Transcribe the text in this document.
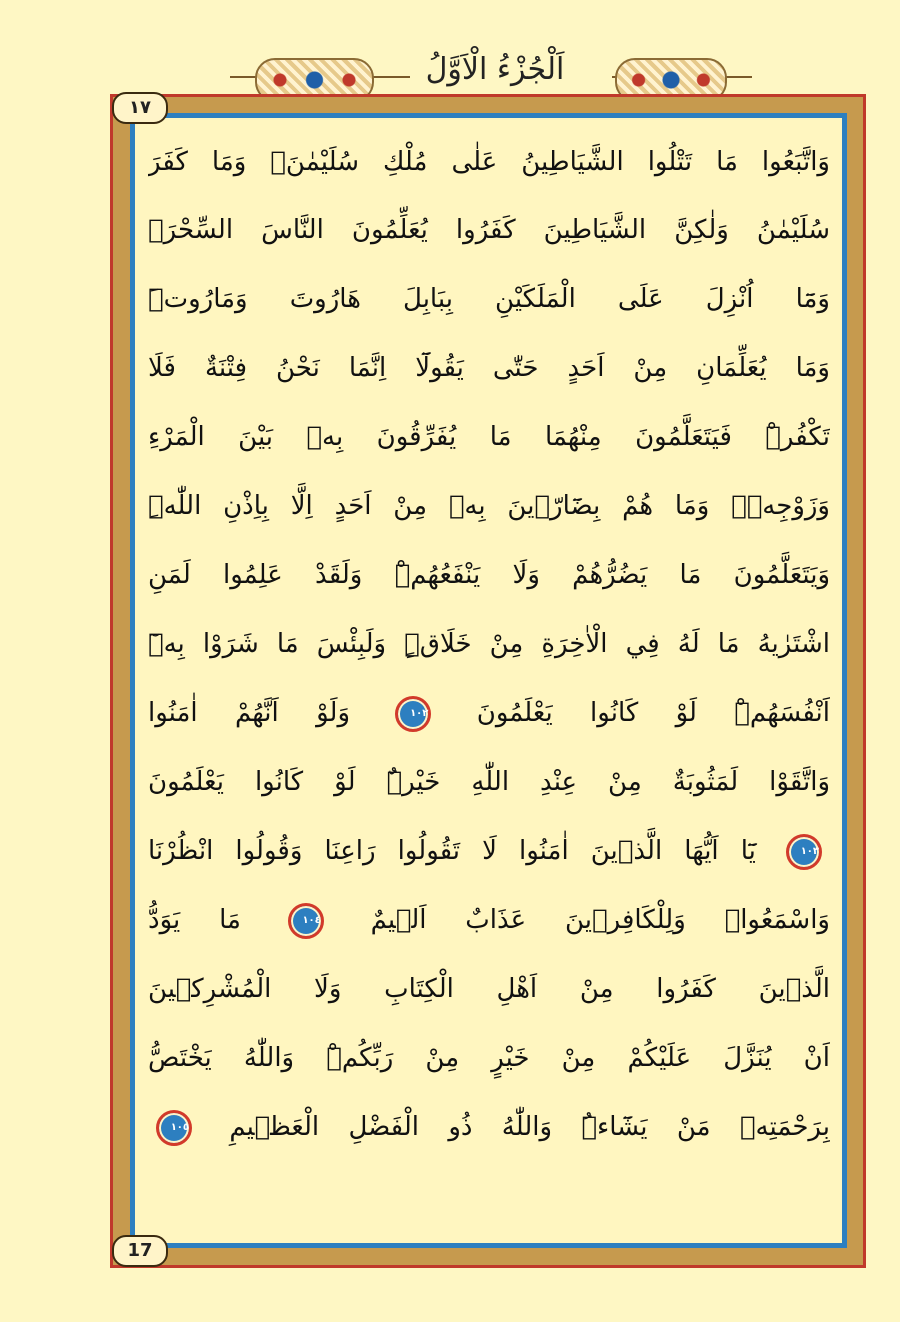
اَلْجُزْءُ الْاَوَّلُ
١٧
17
وَاتَّبَعُوا مَا تَتْلُوا الشَّيَاطِينُ عَلٰى مُلْكِ سُلَيْمٰنَۚ وَمَا كَفَرَ
سُلَيْمٰنُ وَلٰكِنَّ الشَّيَاطِينَ كَفَرُوا يُعَلِّمُونَ النَّاسَ السِّحْرَۗ
وَمَٓا اُنْزِلَ عَلَى الْمَلَكَيْنِ بِبَابِلَ هَارُوتَ وَمَارُوتَۜ
وَمَا يُعَلِّمَانِ مِنْ اَحَدٍ حَتّٰى يَقُولَٓا اِنَّمَا نَحْنُ فِتْنَةٌ فَلَا
تَكْفُرْۜ فَيَتَعَلَّمُونَ مِنْهُمَا مَا يُفَرِّقُونَ بِه۪ بَيْنَ الْمَرْءِ
وَزَوْجِه۪ۜ وَمَا هُمْ بِضَٓارّ۪ينَ بِه۪ مِنْ اَحَدٍ اِلَّا بِاِذْنِ اللّٰهِۜ
وَيَتَعَلَّمُونَ مَا يَضُرُّهُمْ وَلَا يَنْفَعُهُمْۜ وَلَقَدْ عَلِمُوا لَمَنِ
اشْتَرٰيهُ مَا لَهُ فِي الْاٰخِرَةِ مِنْ خَلَاقٍۜ وَلَبِئْسَ مَا شَرَوْا بِه۪ٓ
اَنْفُسَهُمْۜ لَوْ كَانُوا يَعْلَمُونَ ١٠٢ وَلَوْ اَنَّهُمْ اٰمَنُوا
وَاتَّقَوْا لَمَثُوبَةٌ مِنْ عِنْدِ اللّٰهِ خَيْرٌۜ لَوْ كَانُوا يَعْلَمُونَ
١٠٣ يَٓا اَيُّهَا الَّذ۪ينَ اٰمَنُوا لَا تَقُولُوا رَاعِنَا وَقُولُوا انْظُرْنَا
وَاسْمَعُواۜ وَلِلْكَافِر۪ينَ عَذَابٌ اَل۪يمٌ ١٠٤ مَا يَوَدُّ
الَّذ۪ينَ كَفَرُوا مِنْ اَهْلِ الْكِتَابِ وَلَا الْمُشْرِك۪ينَ
اَنْ يُنَزَّلَ عَلَيْكُمْ مِنْ خَيْرٍ مِنْ رَبِّكُمْۜ وَاللّٰهُ يَخْتَصُّ
بِرَحْمَتِه۪ مَنْ يَشَٓاءُۜ وَاللّٰهُ ذُو الْفَضْلِ الْعَظ۪يمِ ١٠٥
